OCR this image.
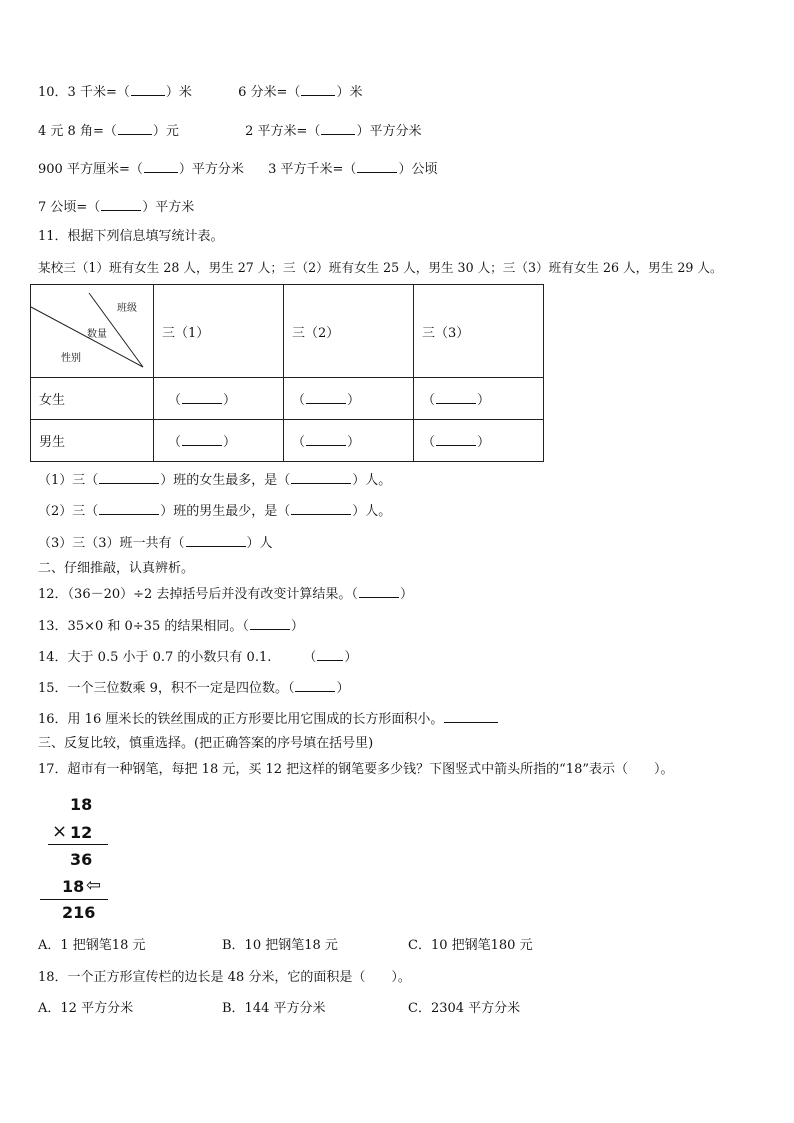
10．3 千米=（	）米	6 分米=（	）米
4 元 8 角=（	）元	2 平方米=（	）平方分米
900 平方厘米=（	）平方分米 3 平方千米=（	）公顷
7 公顷=（	）平方米
11．根据下列信息填写统计表。
某校三（1）班有女生 28 人，男生 27 人；三（2）班有女生 25 人，男生 30 人；三（3）班有女生 26 人，男生 29 人。
班级
数量
性别	三（1）	三（2）	三（3）
女生	（ ）	（ ）	（ ）
男生	（ ）	（ ）	（ ）
（1）三（	）班的女生最多，是（	）人。
（2）三（	）班的男生最少，是（	）人。
（3）三（3）班一共有（	）人
二、仔细推敲，认真辨析。
12．（36－20）÷2 去掉括号后并没有改变计算结果。（	）
13．35×0 和 0÷35 的结果相同。（	）
14．大于 0.5 小于 0.7 的小数只有 0.1. （ ）
15．一个三位数乘 9，积不一定是四位数。（	）
16．用 16 厘米长的铁丝围成的正方形要比用它围成的长方形面积小。
三、反复比较，慎重选择。(把正确答案的序号填在括号里)
17．超市有一种钢笔，每把 18 元，买 12 把这样的钢笔要多少钱？下图竖式中箭头所指的“18”表示（　　）。
18
× 12
36
18 ⇦
216
A．1 把钢笔18 元	B．10 把钢笔18 元	C．10 把钢笔180 元
18．一个正方形宣传栏的边长是 48 分米，它的面积是（　　）。
A．12 平方分米	B．144 平方分米	C．2304 平方分米
